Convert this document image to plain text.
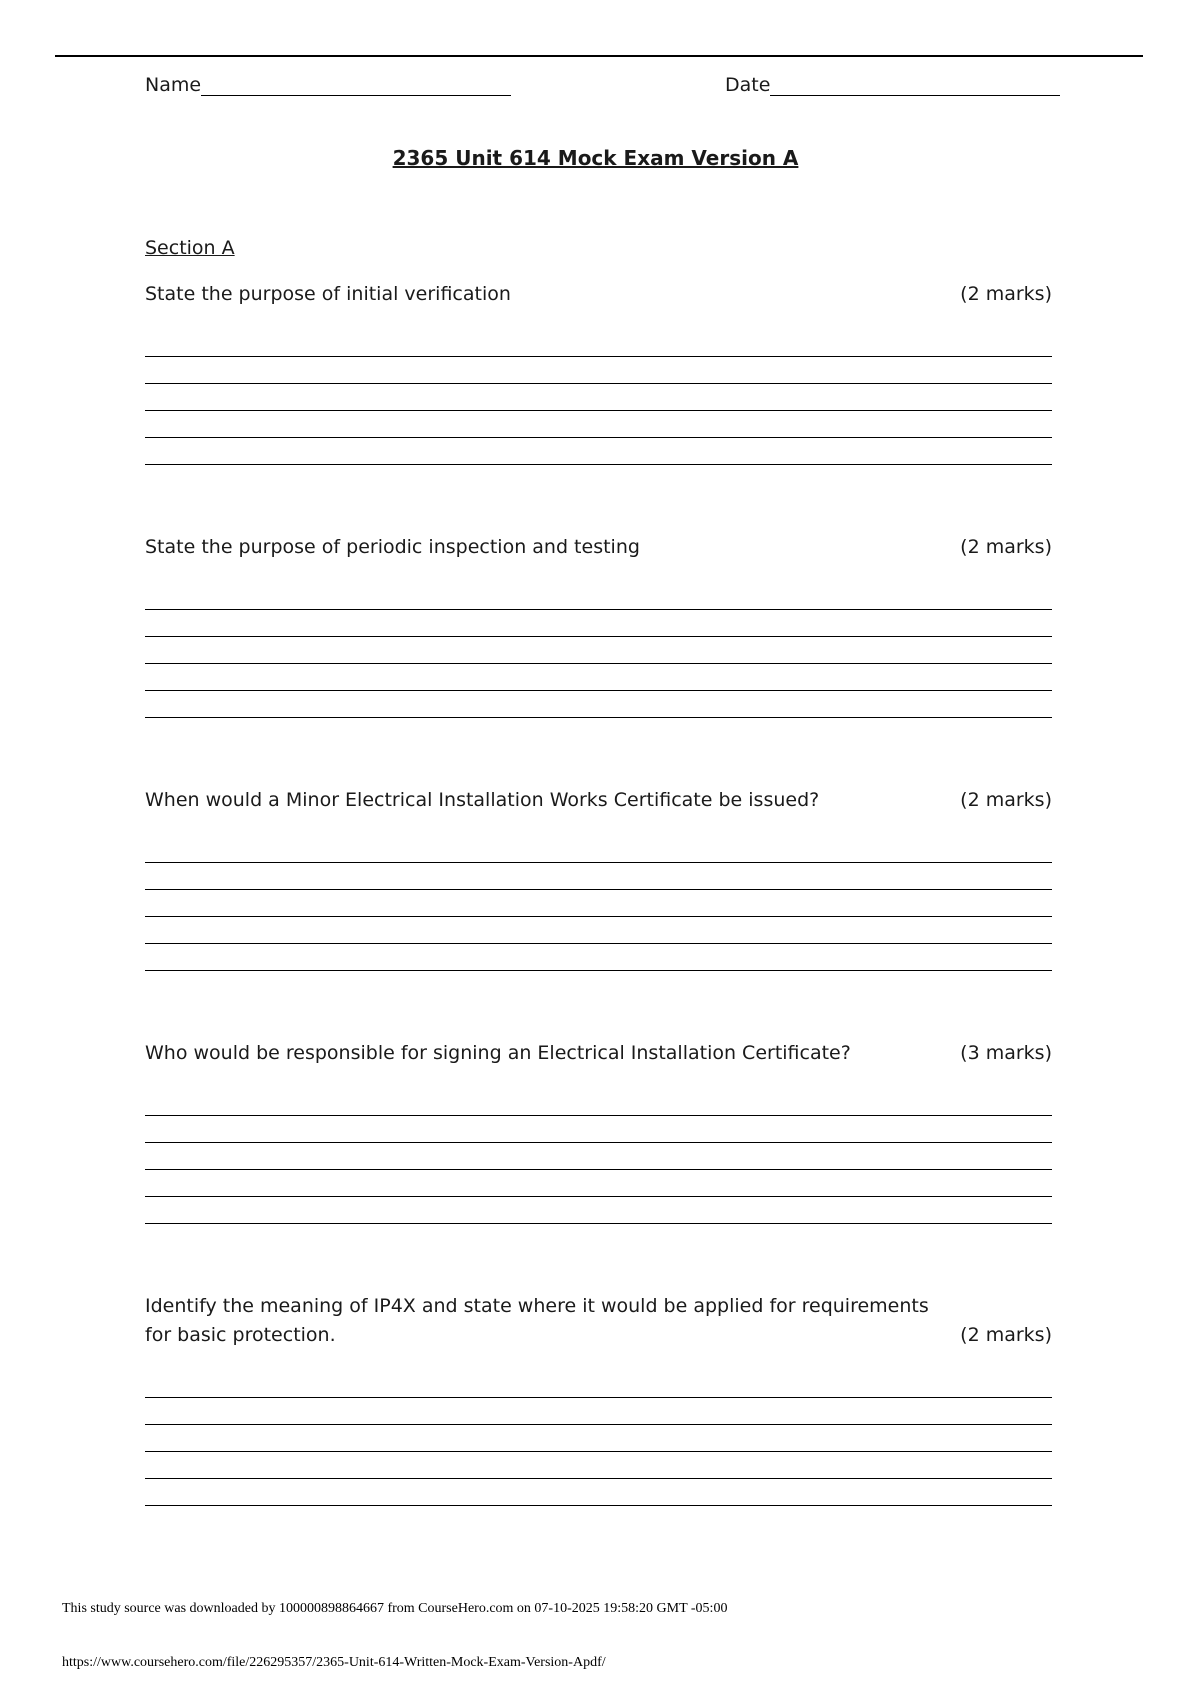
Name	Date
2365 Unit 614 Mock Exam Version A
Section A
State the purpose of initial verification	(2 marks)
State the purpose of periodic inspection and testing	(2 marks)
When would a Minor Electrical Installation Works Certificate be issued?	(2 marks)
Who would be responsible for signing an Electrical Installation Certificate?	(3 marks)
Identify the meaning of IP4X and state where it would be applied for requirements for basic protection.	(2 marks)
This study source was downloaded by 100000898864667 from CourseHero.com on 07-10-2025 19:58:20 GMT -05:00
https://www.coursehero.com/file/226295357/2365-Unit-614-Written-Mock-Exam-Version-Apdf/
